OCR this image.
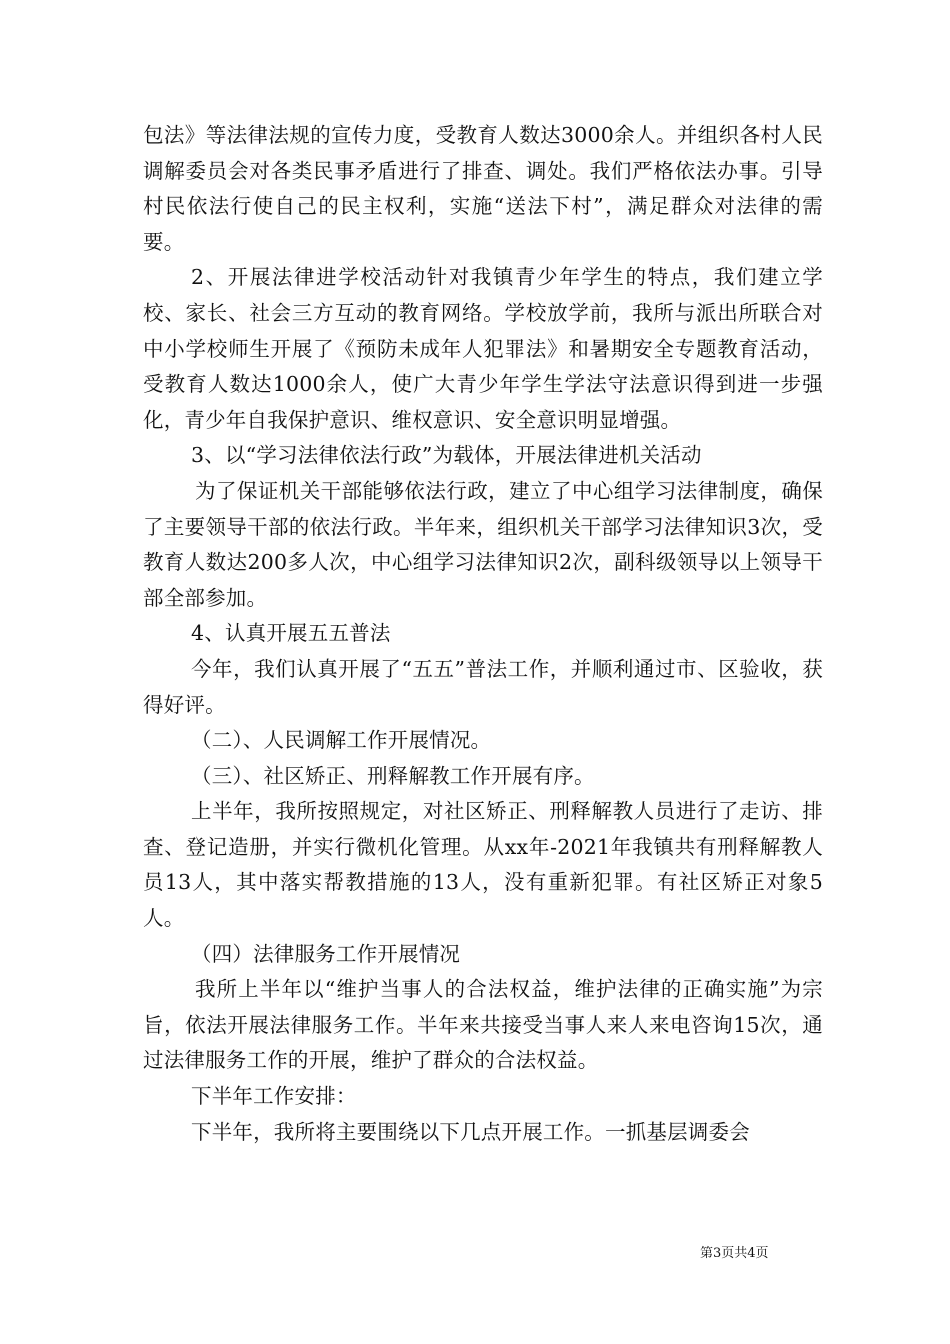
包法》等法律法规的宣传力度，受教育人数达3000余人。并组织各村人民调解委员会对各类民事矛盾进行了排查、调处。我们严格依法办事。引导村民依法行使自己的民主权利，实施“送法下村”，满足群众对法律的需要。

2、开展法律进学校活动针对我镇青少年学生的特点，我们建立学校、家长、社会三方互动的教育网络。学校放学前，我所与派出所联合对中小学校师生开展了《预防未成年人犯罪法》和暑期安全专题教育活动，受教育人数达1000余人，使广大青少年学生学法守法意识得到进一步强化，青少年自我保护意识、维权意识、安全意识明显增强。

3、以“学习法律依法行政”为载体，开展法律进机关活动

为了保证机关干部能够依法行政，建立了中心组学习法律制度，确保了主要领导干部的依法行政。半年来，组织机关干部学习法律知识3次，受教育人数达200多人次，中心组学习法律知识2次，副科级领导以上领导干部全部参加。

4、认真开展五五普法

今年，我们认真开展了“五五”普法工作，并顺利通过市、区验收，获得好评。

（二）、人民调解工作开展情况。

（三）、社区矫正、刑释解教工作开展有序。

上半年，我所按照规定，对社区矫正、刑释解教人员进行了走访、排查、登记造册，并实行微机化管理。从xx年-2021年我镇共有刑释解教人员13人，其中落实帮教措施的13人，没有重新犯罪。有社区矫正对象5人。

（四）法律服务工作开展情况

我所上半年以“维护当事人的合法权益，维护法律的正确实施”为宗旨，依法开展法律服务工作。半年来共接受当事人来人来电咨询15次，通过法律服务工作的开展，维护了群众的合法权益。

下半年工作安排：

下半年，我所将主要围绕以下几点开展工作。一抓基层调委会

第3页共4页
